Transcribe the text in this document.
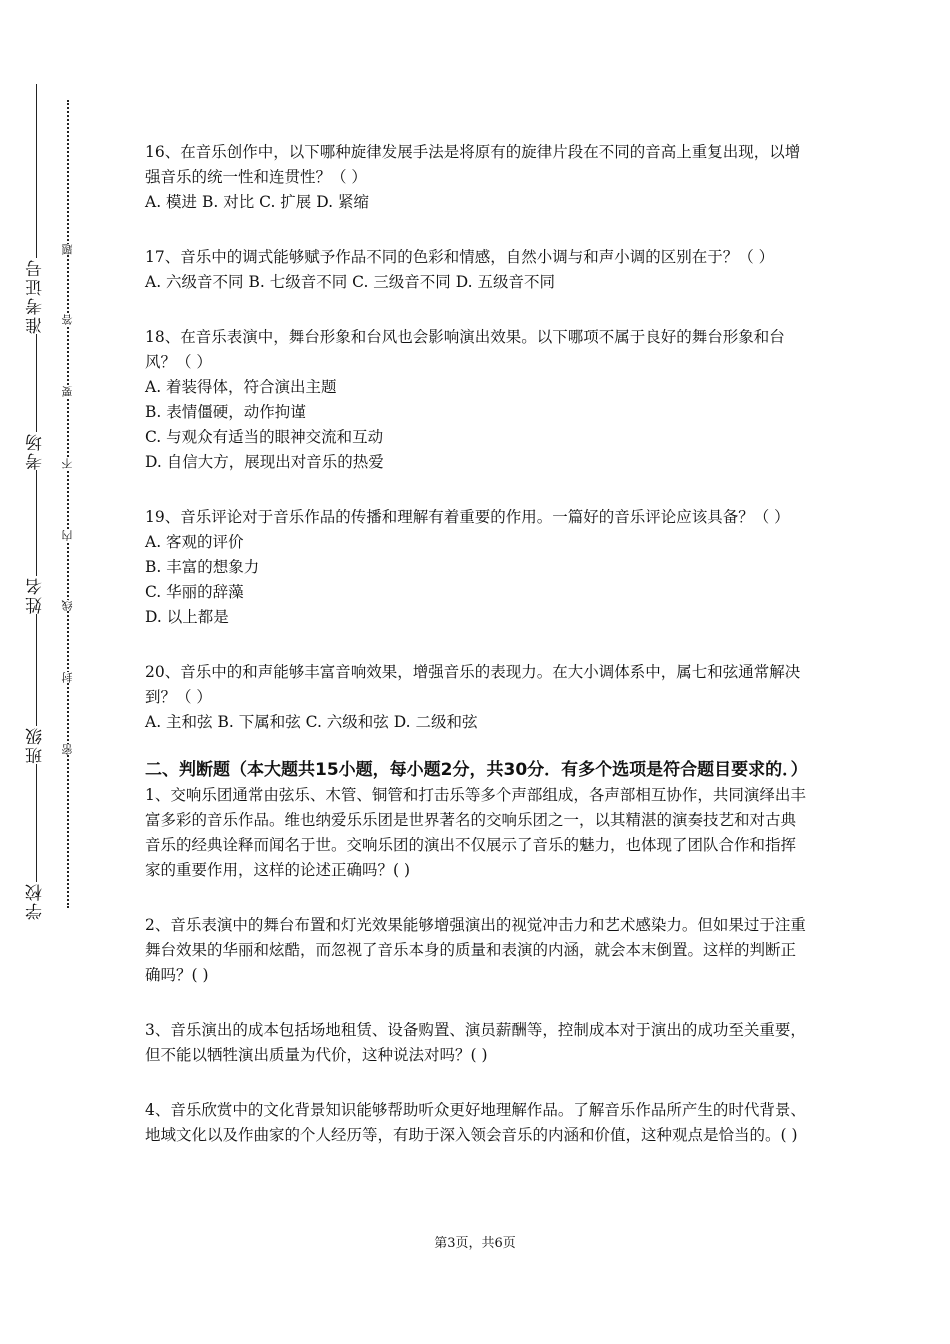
准考证号
考场
姓名
班级
学校
题
答
要
不
内
线
封
密

16、在音乐创作中，以下哪种旋律发展手法是将原有的旋律片段在不同的音高上重复出现，以增强音乐的统一性和连贯性？（ ）

A. 模进 B. 对比 C. 扩展 D. 紧缩

17、音乐中的调式能够赋予作品不同的色彩和情感，自然小调与和声小调的区别在于？（ ）

A. 六级音不同 B. 七级音不同 C. 三级音不同 D. 五级音不同

18、在音乐表演中，舞台形象和台风也会影响演出效果。以下哪项不属于良好的舞台形象和台风？（ ）

A. 着装得体，符合演出主题
B. 表情僵硬，动作拘谨
C. 与观众有适当的眼神交流和互动
D. 自信大方，展现出对音乐的热爱

19、音乐评论对于音乐作品的传播和理解有着重要的作用。一篇好的音乐评论应该具备？（ ）

A. 客观的评价
B. 丰富的想象力
C. 华丽的辞藻
D. 以上都是

20、音乐中的和声能够丰富音响效果，增强音乐的表现力。在大小调体系中，属七和弦通常解决到？（ ）

A. 主和弦 B. 下属和弦 C. 六级和弦 D. 二级和弦
二、判断题（本大题共15小题，每小题2分，共30分．有多个选项是符合题目要求的．）
1、交响乐团通常由弦乐、木管、铜管和打击乐等多个声部组成，各声部相互协作，共同演绎出丰富多彩的音乐作品。维也纳爱乐乐团是世界著名的交响乐团之一，以其精湛的演奏技艺和对古典音乐的经典诠释而闻名于世。交响乐团的演出不仅展示了音乐的魅力，也体现了团队合作和指挥家的重要作用，这样的论述正确吗？( )
2、音乐表演中的舞台布置和灯光效果能够增强演出的视觉冲击力和艺术感染力。但如果过于注重舞台效果的华丽和炫酷，而忽视了音乐本身的质量和表演的内涵，就会本末倒置。这样的判断正确吗？( )
3、音乐演出的成本包括场地租赁、设备购置、演员薪酬等，控制成本对于演出的成功至关重要，但不能以牺牲演出质量为代价，这种说法对吗？( )
4、音乐欣赏中的文化背景知识能够帮助听众更好地理解作品。了解音乐作品所产生的时代背景、地域文化以及作曲家的个人经历等，有助于深入领会音乐的内涵和价值，这种观点是恰当的。( )
第3页，共6页
